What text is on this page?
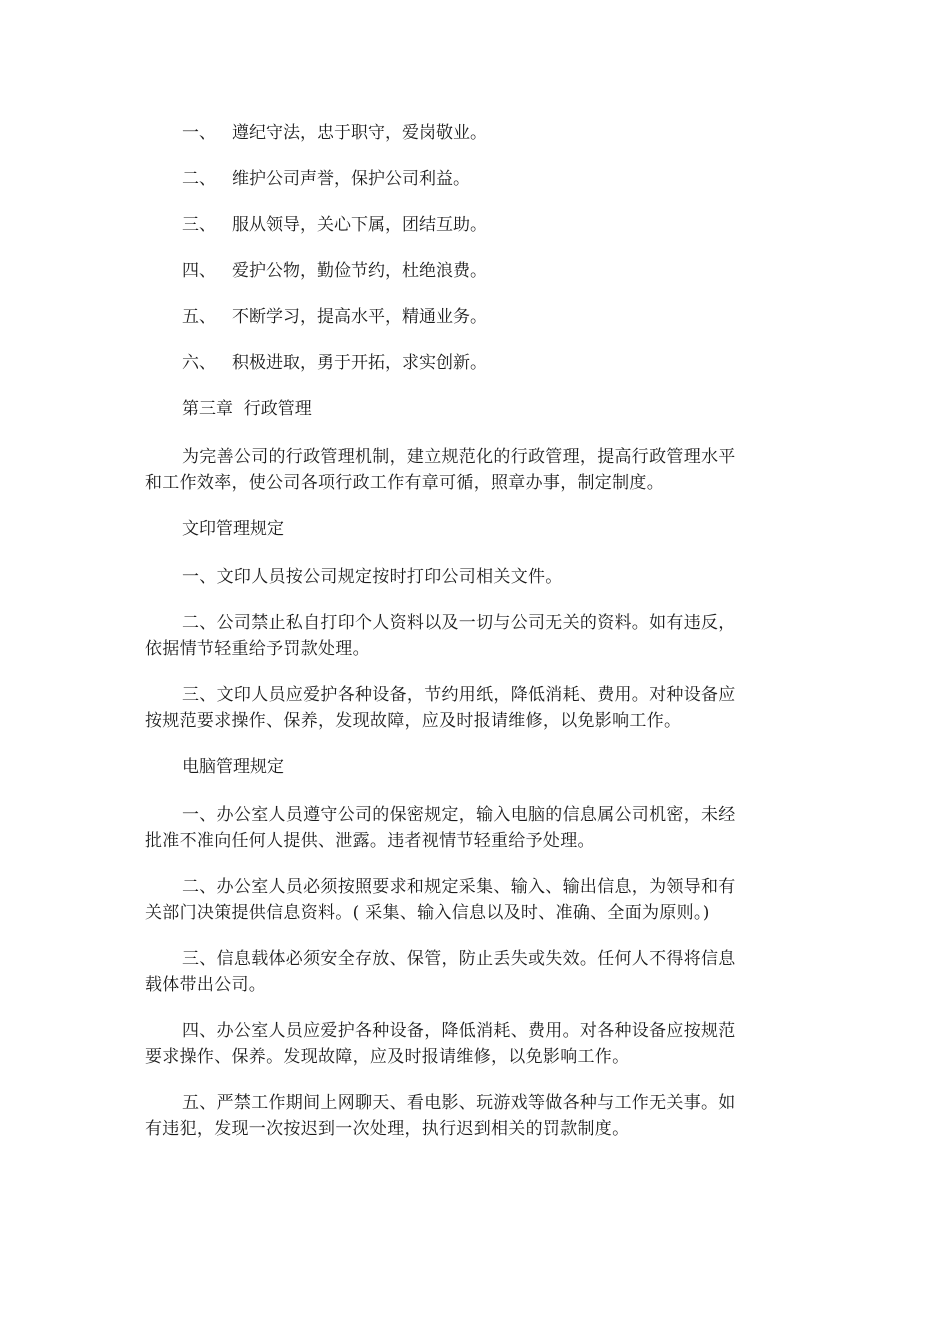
一、 遵纪守法，忠于职守，爱岗敬业。
二、 维护公司声誉，保护公司利益。
三、 服从领导，关心下属，团结互助。
四、 爱护公物，勤俭节约，杜绝浪费。
五、 不断学习，提高水平，精通业务。
六、 积极进取，勇于开拓，求实创新。

第三章  行政管理

为完善公司的行政管理机制，建立规范化的行政管理，提高行政管理水平
和工作效率，使公司各项行政工作有章可循，照章办事，制定制度。

文印管理规定

一、文印人员按公司规定按时打印公司相关文件。

二、公司禁止私自打印个人资料以及一切与公司无关的资料。如有违反，
依据情节轻重给予罚款处理。

三、文印人员应爱护各种设备，节约用纸，降低消耗、费用。对种设备应
按规范要求操作、保养，发现故障，应及时报请维修，以免影响工作。

电脑管理规定

一、办公室人员遵守公司的保密规定，输入电脑的信息属公司机密，未经
批准不准向任何人提供、泄露。违者视情节轻重给予处理。

二、办公室人员必须按照要求和规定采集、输入、输出信息，为领导和有
关部门决策提供信息资料。( 采集、输入信息以及时、准确、全面为原则。)

三、信息载体必须安全存放、保管，防止丢失或失效。任何人不得将信息
载体带出公司。

四、办公室人员应爱护各种设备，降低消耗、费用。对各种设备应按规范
要求操作、保养。发现故障，应及时报请维修，以免影响工作。

五、严禁工作期间上网聊天、看电影、玩游戏等做各种与工作无关事。如
有违犯，发现一次按迟到一次处理，执行迟到相关的罚款制度。
